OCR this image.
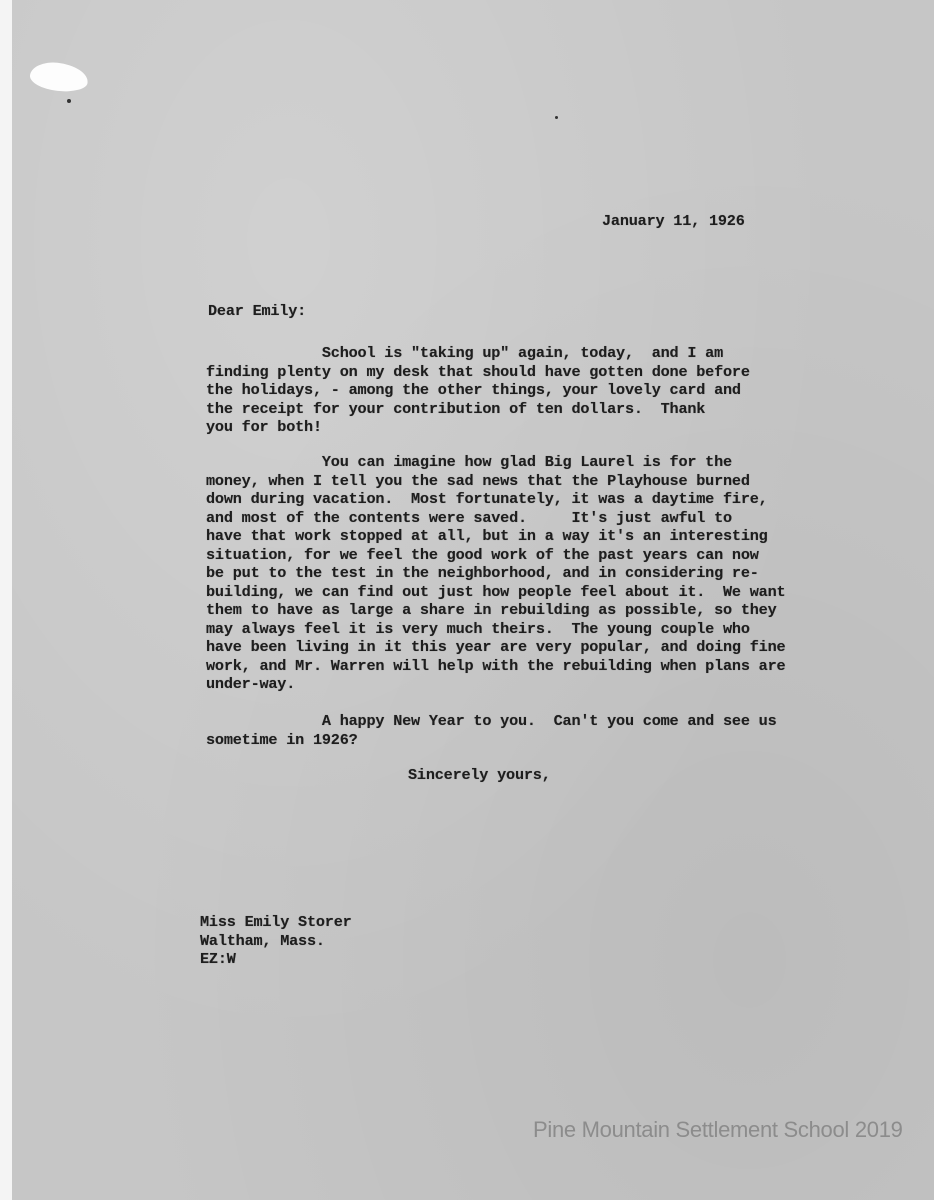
January 11, 1926
Dear Emily:
School is "taking up" again, today,  and I am
finding plenty on my desk that should have gotten done before
the holidays, - among the other things, your lovely card and
the receipt for your contribution of ten dollars.  Thank
you for both!
You can imagine how glad Big Laurel is for the
money, when I tell you the sad news that the Playhouse burned
down during vacation.  Most fortunately, it was a daytime fire,
and most of the contents were saved.     It's just awful to
have that work stopped at all, but in a way it's an interesting
situation, for we feel the good work of the past years can now
be put to the test in the neighborhood, and in considering re-
building, we can find out just how people feel about it.  We want
them to have as large a share in rebuilding as possible, so they
may always feel it is very much theirs.  The young couple who
have been living in it this year are very popular, and doing fine
work, and Mr. Warren will help with the rebuilding when plans are
under-way.
A happy New Year to you.  Can't you come and see us
sometime in 1926?
Sincerely yours,
Miss Emily Storer
Waltham, Mass.
EZ:W
Pine Mountain Settlement School 2019
